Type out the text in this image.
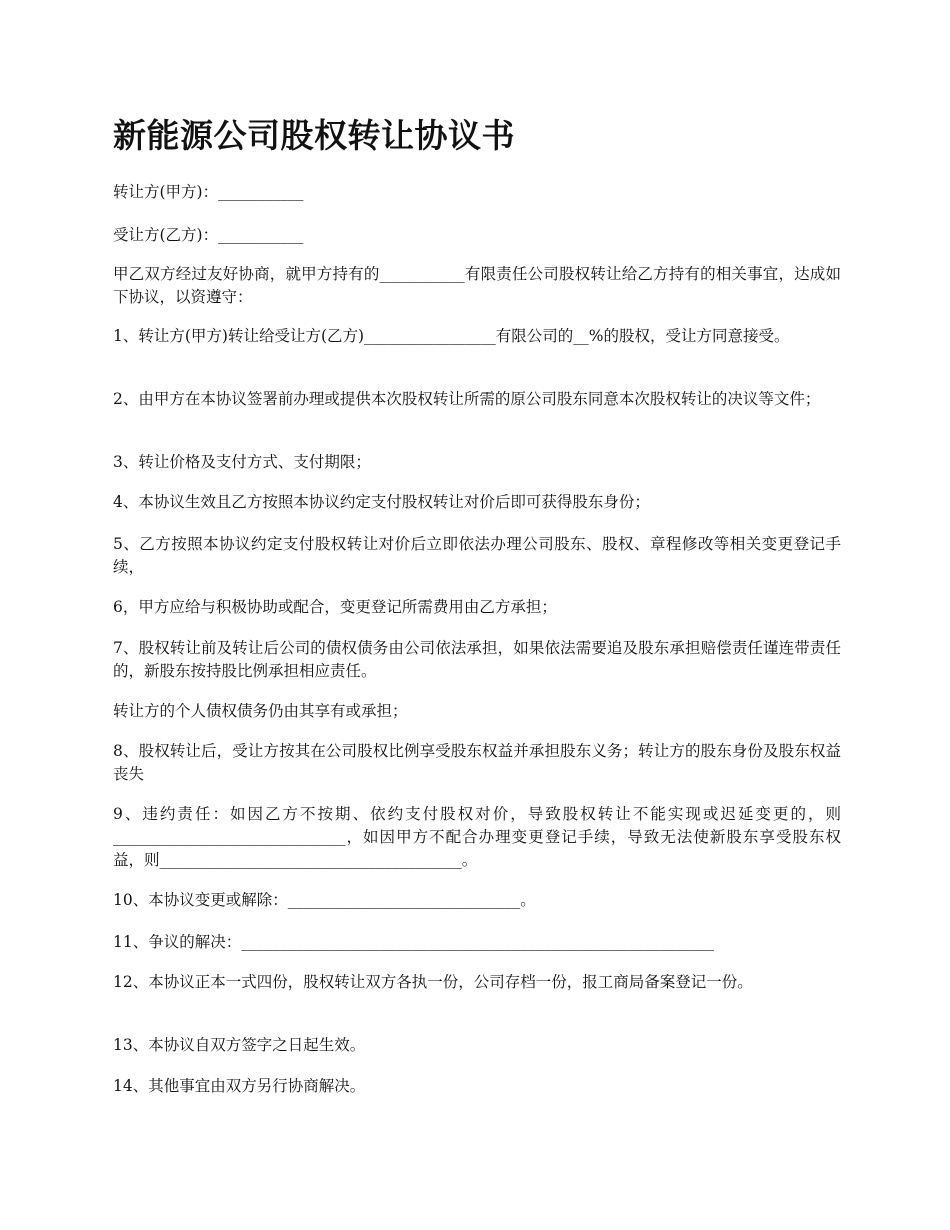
新能源公司股权转让协议书

转让方(甲方)：___________

受让方(乙方)：___________

甲乙双方经过友好协商，就甲方持有的___________有限责任公司股权转让给乙方持有的相关事宜，达成如下协议，以资遵守：

1、转让方(甲方)转让给受让方(乙方)_________________有限公司的__%的股权，受让方同意接受。

2、由甲方在本协议签署前办理或提供本次股权转让所需的原公司股东同意本次股权转让的决议等文件；

3、转让价格及支付方式、支付期限；

4、本协议生效且乙方按照本协议约定支付股权转让对价后即可获得股东身份；

5、乙方按照本协议约定支付股权转让对价后立即依法办理公司股东、股权、章程修改等相关变更登记手续，

6，甲方应给与积极协助或配合，变更登记所需费用由乙方承担；

7、股权转让前及转让后公司的债权债务由公司依法承担，如果依法需要追及股东承担赔偿责任谨连带责任的，新股东按持股比例承担相应责任。

转让方的个人债权债务仍由其享有或承担；

8、股权转让后，受让方按其在公司股权比例享受股东权益并承担股东义务；转让方的股东身份及股东权益丧失

9、违约责任：如因乙方不按期、依约支付股权对价，导致股权转让不能实现或迟延变更的，则______________________________，如因甲方不配合办理变更登记手续，导致无法使新股东享受股东权益，则_______________________________________。

10、本协议变更或解除：______________________________。

11、争议的解决：_____________________________________________________________

12、本协议正本一式四份，股权转让双方各执一份，公司存档一份，报工商局备案登记一份。

13、本协议自双方签字之日起生效。

14、其他事宜由双方另行协商解决。
